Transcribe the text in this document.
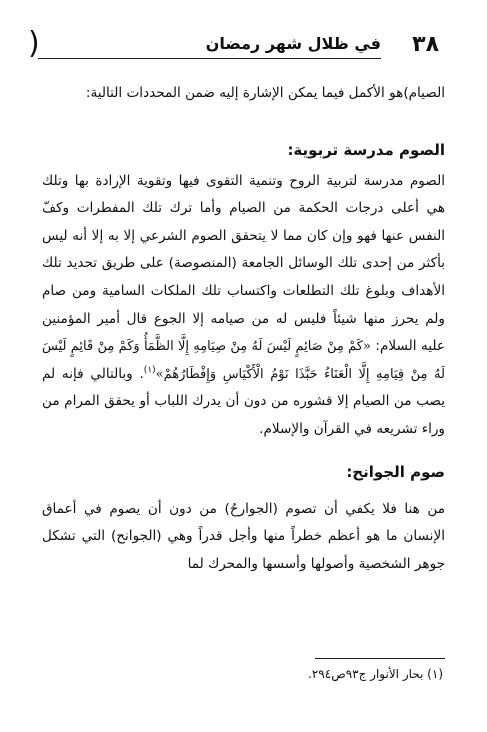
(	٣٨
في ظلال شهر رمضان

الصيام)هو الأكمل فيما يمكن الإشارة إليه ضمن المحددات التالية:

الصوم مدرسة تربوية:

الصوم مدرسة لتربية الروح وتنمية التقوى فيها وتقوية الإرادة بها وتلك هي أعلى درجات الحكمة من الصيام وأما ترك تلك المفطرات وكفّ النفس عنها فهو وإن كان مما لا يتحقق الصوم الشرعي إلا به إلا أنه ليس بأكثر من إحدى تلك الوسائل الجامعة (المنصوصة) على طريق تحديد تلك الأهداف وبلوغ تلك التطلعات واكتساب تلك الملكات السامية ومن صام ولم يحرز منها شيئاً فليس له من صيامه إلا الجوع قال أمير المؤمنين عليه السلام: «كَمْ مِنْ صَائِمٍ لَيْسَ لَهُ مِنْ صِيَامِهِ إِلَّا الظَّمَأُ وَكَمْ مِنْ قَائِمٍ لَيْسَ لَهُ مِنْ قِيَامِهِ إِلَّا الْعَنَاءُ حَبَّذَا نَوْمُ الْأَكْيَاسِ وَإِفْطَارُهُمْ»$^{(١)}$. وبالتالي فإنه لم يصب من الصيام إلا قشوره من دون أن يدرك اللباب أو يحقق المرام من وراء تشريعه في القرآن والإسلام.

صوم الجوانح:

من هنا فلا يكفي أن تصوم (الجوارحُ) من دون أن يصوم في أعماق الإنسان ما هو أعظم خطراً منها وأجل قدراً وهي (الجوانح) التي تشكل جوهر الشخصية وأصولها وأسسها والمحرك لما

(١) بحار الأنوار ج٩٣ص٢٩٤.
